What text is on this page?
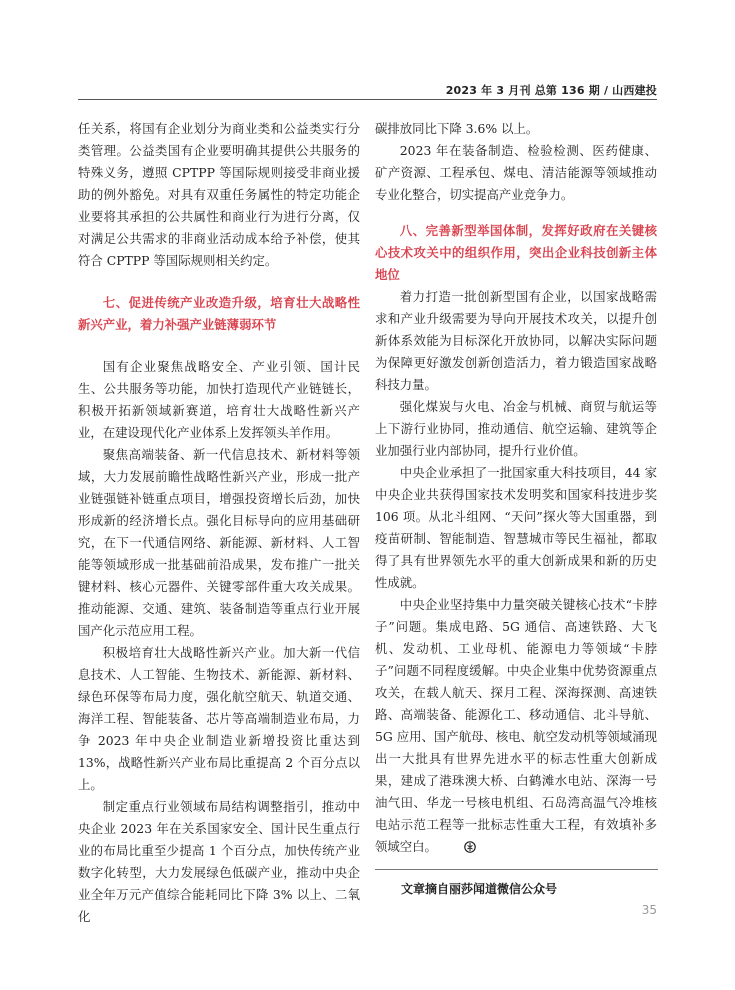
2023 年 3 月刊 总第 136 期 / 山西建投

任关系，将国有企业划分为商业类和公益类实行分类管理。公益类国有企业要明确其提供公共服务的特殊义务，遵照 CPTPP 等国际规则接受非商业援助的例外豁免。对具有双重任务属性的特定功能企业要将其承担的公共属性和商业行为进行分离，仅对满足公共需求的非商业活动成本给予补偿，使其符合 CPTPP 等国际规则相关约定。

七、促进传统产业改造升级，培育壮大战略性新兴产业，着力补强产业链薄弱环节

国有企业聚焦战略安全、产业引领、国计民生、公共服务等功能，加快打造现代产业链链长，积极开拓新领域新赛道，培育壮大战略性新兴产业，在建设现代化产业体系上发挥领头羊作用。

聚焦高端装备、新一代信息技术、新材料等领域，大力发展前瞻性战略性新兴产业，形成一批产业链强链补链重点项目，增强投资增长后劲，加快形成新的经济增长点。强化目标导向的应用基础研究，在下一代通信网络、新能源、新材料、人工智能等领域形成一批基础前沿成果，发布推广一批关键材料、核心元器件、关键零部件重大攻关成果。推动能源、交通、建筑、装备制造等重点行业开展国产化示范应用工程。

积极培育壮大战略性新兴产业。加大新一代信息技术、人工智能、生物技术、新能源、新材料、绿色环保等布局力度，强化航空航天、轨道交通、海洋工程、智能装备、芯片等高端制造业布局，力争 2023 年中央企业制造业新增投资比重达到 13%，战略性新兴产业布局比重提高 2 个百分点以上。

制定重点行业领域布局结构调整指引，推动中央企业 2023 年在关系国家安全、国计民生重点行业的布局比重至少提高 1 个百分点，加快传统产业数字化转型，大力发展绿色低碳产业，推动中央企业全年万元产值综合能耗同比下降 3% 以上、二氧化

碳排放同比下降 3.6% 以上。

2023 年在装备制造、检验检测、医药健康、矿产资源、工程承包、煤电、清洁能源等领域推动专业化整合，切实提高产业竞争力。

八、完善新型举国体制，发挥好政府在关键核心技术攻关中的组织作用，突出企业科技创新主体地位

着力打造一批创新型国有企业，以国家战略需求和产业升级需要为导向开展技术攻关，以提升创新体系效能为目标深化开放协同，以解决实际问题为保障更好激发创新创造活力，着力锻造国家战略科技力量。

强化煤炭与火电、冶金与机械、商贸与航运等上下游行业协同，推动通信、航空运输、建筑等企业加强行业内部协同，提升行业价值。

中央企业承担了一批国家重大科技项目，44 家中央企业共获得国家技术发明奖和国家科技进步奖 106 项。从北斗组网、“天问”探火等大国重器，到疫苗研制、智能制造、智慧城市等民生福祉，都取得了具有世界领先水平的重大创新成果和新的历史性成就。

中央企业坚持集中力量突破关键核心技术“卡脖子”问题。集成电路、5G 通信、高速铁路、大飞机、发动机、工业母机、能源电力等领域“卡脖子”问题不同程度缓解。中央企业集中优势资源重点攻关，在载人航天、探月工程、深海探测、高速铁路、高端装备、能源化工、移动通信、北斗导航、5G 应用、国产航母、核电、航空发动机等领域涌现出一大批具有世界先进水平的标志性重大创新成果，建成了港珠澳大桥、白鹤滩水电站、深海一号油气田、华龙一号核电机组、石岛湾高温气冷堆核电站示范工程等一批标志性重大工程，有效填补多领域空白。

文章摘自丽莎闻道微信公众号
35
